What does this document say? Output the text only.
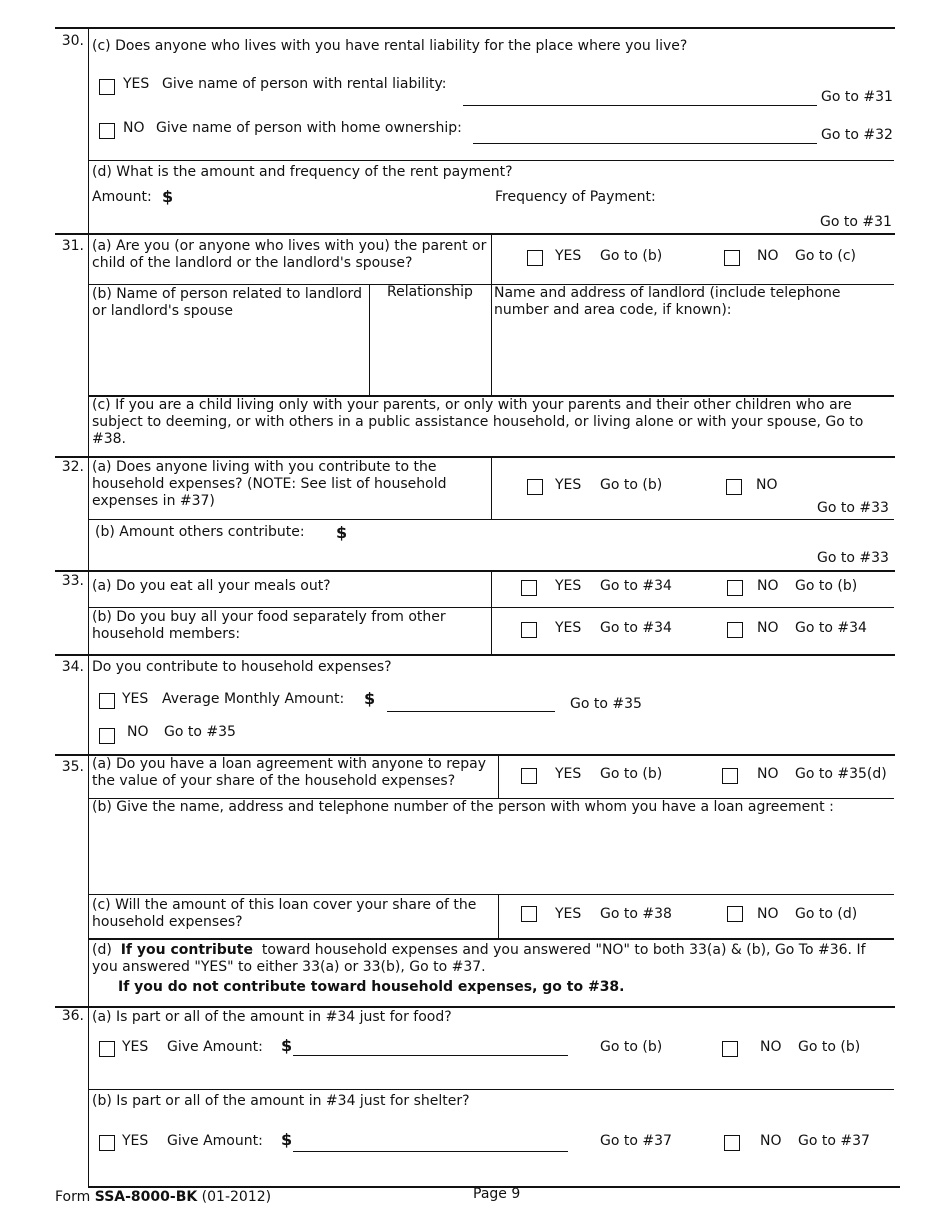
30. (c) Does anyone who lives with you have rental liability for the place where you live?
YES Give name of person with rental liability:
Go to #31
NO Give name of person with home ownership:	Go to #32
(d) What is the amount and frequency of the rent payment?
Amount: $	Frequency of Payment:
Go to #31
31. (a) Are you (or anyone who lives with you) the parent or child of the landlord or the landlord's spouse?	YES Go to (b)	NO Go to (c)
(b) Name of person related to landlord or landlord's spouse
Relationship Name and address of landlord (include telephone number and area code, if known):
(c) If you are a child living only with your parents, or only with your parents and their other children who are subject to deeming, or with others in a public assistance household, or living alone or with your spouse, Go to #38.
32. (a) Does anyone living with you contribute to the household expenses? (NOTE: See list of household expenses in #37)
YES Go to (b)	NO
Go to #33
(b) Amount others contribute: $
Go to #33
33. (a) Do you eat all your meals out?	YES Go to #34	NO Go to (b)
(b) Do you buy all your food separately from other household members:	YES Go to #34	NO Go to #34
34. Do you contribute to household expenses?
YES Average Monthly Amount: $	Go to #35
NO Go to #35
35. (a) Do you have a loan agreement with anyone to repay the value of your share of the household expenses?	YES Go to (b)	NO Go to #35(d)
(b) Give the name, address and telephone number of the person with whom you have a loan agreement :
(c) Will the amount of this loan cover your share of the household expenses?	YES Go to #38	NO Go to (d)
(d) If you contribute toward household expenses and you answered "NO" to both 33(a) & (b), Go To #36. If you answered "YES" to either 33(a) or 33(b), Go to #37.
If you do not contribute toward household expenses, go to #38.
36. (a) Is part or all of the amount in #34 just for food?
YES Give Amount: $	Go to (b)	NO Go to (b)
(b) Is part or all of the amount in #34 just for shelter?
YES Give Amount: $	Go to #37	NO Go to #37
Form SSA-8000-BK (01-2012)	Page 9
